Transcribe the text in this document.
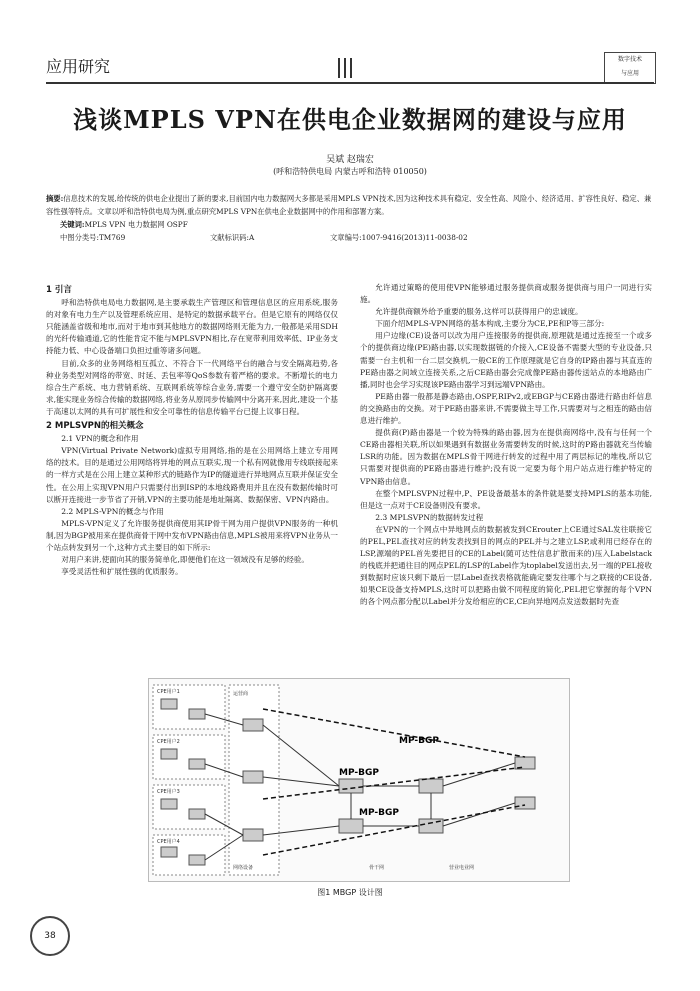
应用研究	数字技术
与应用
浅谈MPLS VPN在供电企业数据网的建设与应用
吴斌 赵瑞宏
(呼和浩特供电局 内蒙古呼和浩特 010050)
摘要:信息技术的发展,给传统的供电企业提出了新的要求,目前国内电力数据网大多都是采用MPLS VPN技术,因为这种技术具有稳定、安全性高、风险小、经济适用、扩容性良好、稳定、兼容性强等特点。文章以呼和浩特供电局为例,重点研究MPLS VPN在供电企业数据网中的作用和部署方案。
关键词:MPLS VPN 电力数据网 OSPF
中图分类号:TM769	文献标识码:A	文章编号:1007-9416(2013)11-0038-02
1 引言

呼和浩特供电局电力数据网,是主要承载生产管理区和管理信息区的应用系统,服务的对象有电力生产以及管理系统应用、是特定的数据承载平台。但是它原有的网络仅仅只能涵盖省级和地市,而对于地市到其他地方的数据网络则无能为力,一般都是采用SDH的光纤传输通道,它的性能肯定不能与MPLSVPN相比,存在宽带利用效率低、IP业务支持能力低、中心设备端口负担过重等诸多问题。

目前,众多的业务网络相互孤立、不符合下一代网络平台的融合与安全隔离趋势,各种业务类型对网络的带宽、时延、丢包率等QoS参数有着严格的要求。不断增长的电力综合生产系统、电力营销系统、互联网系统等综合业务,需要一个遵守安全防护隔离要求,能实现业务综合传输的数据网络,将业务从原同步传输网中分离开来,因此,建设一个基于高速以太网的具有可扩展性和安全可靠性的信息传输平台已提上议事日程。

2 MPLSVPN的相关概念
2.1 VPN的概念和作用

VPN(Virtual Private Network)虚拟专用网络,指的是在公用网络上建立专用网络的技术。目的是通过公用网络将异地的网点互联实,现一个私有网就像用专线联接起来的一样方式是在公用上建立某种形式的链路作为IP的隧道进行异地网点互联并保证安全性。在公用上实现VPN用户只需要付出到ISP的本地线路费用并且在没有数据传输时可以断开连接进一步节省了开销,VPN的主要功能是地址隔离、数据保密、VPN内路由。

2.2 MPLS-VPN的概念与作用

MPLS-VPN定义了允许服务提供商使用其IP骨干网为用户提供VPN服务的一种机制,因为BGP被用来在提供商骨干网中发布VPN路由信息,MPLS被用来将VPN业务从一个站点转发到另一个,这种方式主要目的如下所示:

对用户来讲,使面向其的服务简单化,即便他们在这一领域没有足够的经验。

享受灵活性和扩展性强的优质服务。

允许通过策略的使用使VPN能够通过服务提供商或服务提供商与用户一同进行实施。

允许提供商额外给予重要的服务,这样可以获得用户的忠诚度。

下面介绍MPLS-VPN网络的基本构成,主要分为CE,PE和P等三部分:

用户边缘(CE)设备可以改为用户连接服务的提供商,原理就是通过连接至一个或多个的提供商边缘(PE)路由器,以实现数据链的介接入,CE设备不需要大型的专业设备,只需要一台主机和一台二层交换机,一般CE的工作原理就是它自身的IP路由器与其直连的PE路由器之间域立连接关系,之后CE路由器会完成像PE路由器传送站点的本地路由广播,同时也会学习实现该PE路由器学习到远端VPN路由。

PE路由器一般都是静态路由,OSPF,RIPv2,或EBGP与CE路由器进行路由纤信息的交换路由的交换。对于PE路由器来讲,不需要做主导工作,只需要对与之相连的路由信息进行维护。

提供商(P)路由器是一个较为特殊的路由器,因为在提供商网络中,没有与任何一个CE路由器相关联,所以如果遇到有数据业务需要转发的时候,这时的P路由器就充当传输LSR的功能。因为数据在MPLS骨干网进行转发的过程中用了两层标记的堆栈,所以它只需要对提供商的PE路由器进行维护;没有说一定要为每个用户站点进行维护特定的VPN路由信息。

在整个MPLSVPN过程中,P、PE设备最基本的条件就是要支持MPLS的基本功能,但是这一点对于CE设备则没有要求。

2.3 MPLSVPN的数据转发过程

在VPN的一个网点中异地网点的数据被发到CErouter上CE通过SAL发往联接它的PEL,PEL查找对应的转发表找到目的网点的PEL并与之建立LSP,或利用已经存在的LSP,源端的PEL首先要把目的CE的Label(随可达性信息扩散而来的)压入Labelstack的栈底并把通往目的网点PEL的LSP的Label作为toplabel发送出去,另一端的PEL接收到数据时应该只剩下最后一层Label查找表格就能确定要发往哪个与之联接的CE设备,如果CE设备支持MPLS,这时可以把路由做不同程度的简化,PEL把它掌握的每个VPN的各个网点都分配以Label并分发给相应的CE,CE向异地网点发送数据时先查

MP-BGP
MP-BGP
MP-BGP
CPE用户1
CPE用户2
CPE用户3
CPE用户4
运营商
网络设备	营业电业网
骨干网
图1 MBGP 设计图
38
